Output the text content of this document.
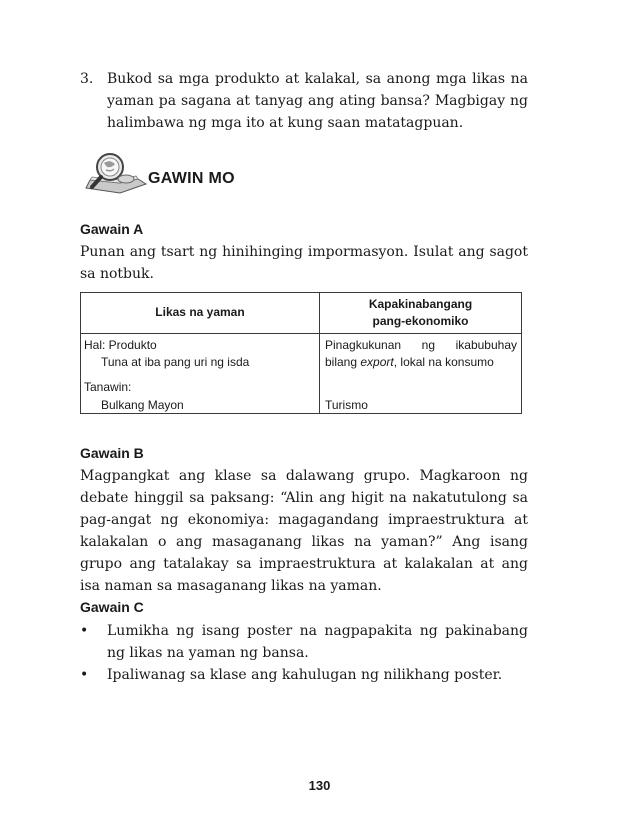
3. Bukod sa mga produkto at kalakal, sa anong mga likas na yaman pa sagana at tanyag ang ating bansa? Magbigay ng halimbawa ng mga ito at kung saan matatagpuan.
GAWIN MO
Gawain A
Punan ang tsart ng hinihinging impormasyon. Isulat ang sagot sa notbuk.
Likas na yaman
Kapakinabangang
pang-ekonomiko
Hal: Produkto
Tuna at iba pang uri ng isda
Pinagkukunan ng ikabubuhay
bilang export, lokal na konsumo
Tanawin:
Bulkang Mayon	Turismo
Gawain B
Magpangkat ang klase sa dalawang grupo. Magkaroon ng debate hinggil sa paksang: “Alin ang higit na nakatutulong sa pag-angat ng ekonomiya: magagandang impraestruktura at kalakalan o ang masaganang likas na yaman?” Ang isang grupo ang tatalakay sa impraestruktura at kalakalan at ang isa naman sa masaganang likas na yaman.
Gawain C
• Lumikha ng isang poster na nagpapakita ng pakinabang ng likas na yaman ng bansa.
• Ipaliwanag sa klase ang kahulugan ng nilikhang poster.
130
